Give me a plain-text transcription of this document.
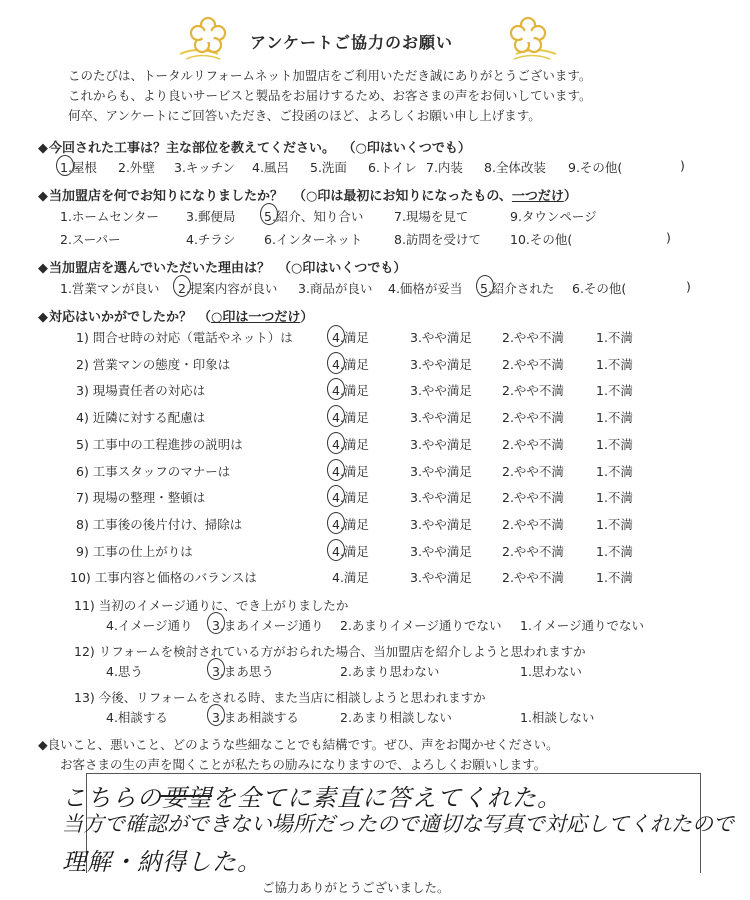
アンケートご協力のお願い
このたびは、トータルリフォームネット加盟店をご利用いただき誠にありがとうございます。
これからも、より良いサービスと製品をお届けするため、お客さまの声をお伺いしています。
何卒、アンケートにご回答いただき、ご投函のほど、よろしくお願い申し上げます。
◆今回された工事は？主な部位を教えてください。 （○印はいくつでも）
1.屋根 2.外壁 3.キッチン 4.風呂 5.洗面 6.トイレ 7.内装 8.全体改装 9.その他(	)
◆当加盟店を何でお知りになりましたか？ （○印は最初にお知りになったもの、一つだけ）
1.ホームセンター 3.郵便局 5.紹介、知り合い 7.現場を見て	9.タウンページ
2.スーパー	4.チラシ 6.インターネット	8.訪問を受けて 10.その他(	)
◆当加盟店を選んでいただいた理由は？ （○印はいくつでも）
1.営業マンが良い 2.提案内容が良い 3.商品が良い 4.価格が妥当 5.紹介された 6.その他(	)
◆対応はいかがでしたか？ （○印は一つだけ）
1) 問合せ時の対応（電話やネット）は	4.満足	3.やや満足 2.やや不満	1.不満
2) 営業マンの態度・印象は	4.満足	3.やや満足 2.やや不満	1.不満
3) 現場責任者の対応は	4.満足	3.やや満足 2.やや不満	1.不満
4) 近隣に対する配慮は	4.満足	3.やや満足 2.やや不満	1.不満
5) 工事中の工程進捗の説明は	4.満足	3.やや満足 2.やや不満	1.不満
6) 工事スタッフのマナーは	4.満足	3.やや満足 2.やや不満	1.不満
7) 現場の整理・整頓は	4.満足	3.やや満足 2.やや不満	1.不満
8) 工事後の後片付け、掃除は	4.満足	3.やや満足 2.やや不満	1.不満
9) 工事の仕上がりは	4.満足	3.やや満足 2.やや不満	1.不満
10) 工事内容と価格のバランスは	4.満足	3.やや満足 2.やや不満	1.不満
11) 当初のイメージ通りに、でき上がりましたか
4.イメージ通り 3.まあイメージ通り 2.あまりイメージ通りでない 1.イメージ通りでない
12) リフォームを検討されている方がおられた場合、当加盟店を紹介しようと思われますか
4.思う	3.まあ思う	2.あまり思わない	1.思わない
13) 今後、リフォームをされる時、また当店に相談しようと思われますか
4.相談する	3.まあ相談する	2.あまり相談しない	1.相談しない
◆良いこと、悪いこと、どのような些細なことでも結構です。ぜひ、声をお聞かせください。
お客さまの生の声を聞くことが私たちの励みになりますので、よろしくお願いします。
こちらの要望を全てに素直に答えてくれた。
当方で確認ができない場所だったので適切な写真で対応してくれたので
理解・納得した。
ご協力ありがとうございました。
